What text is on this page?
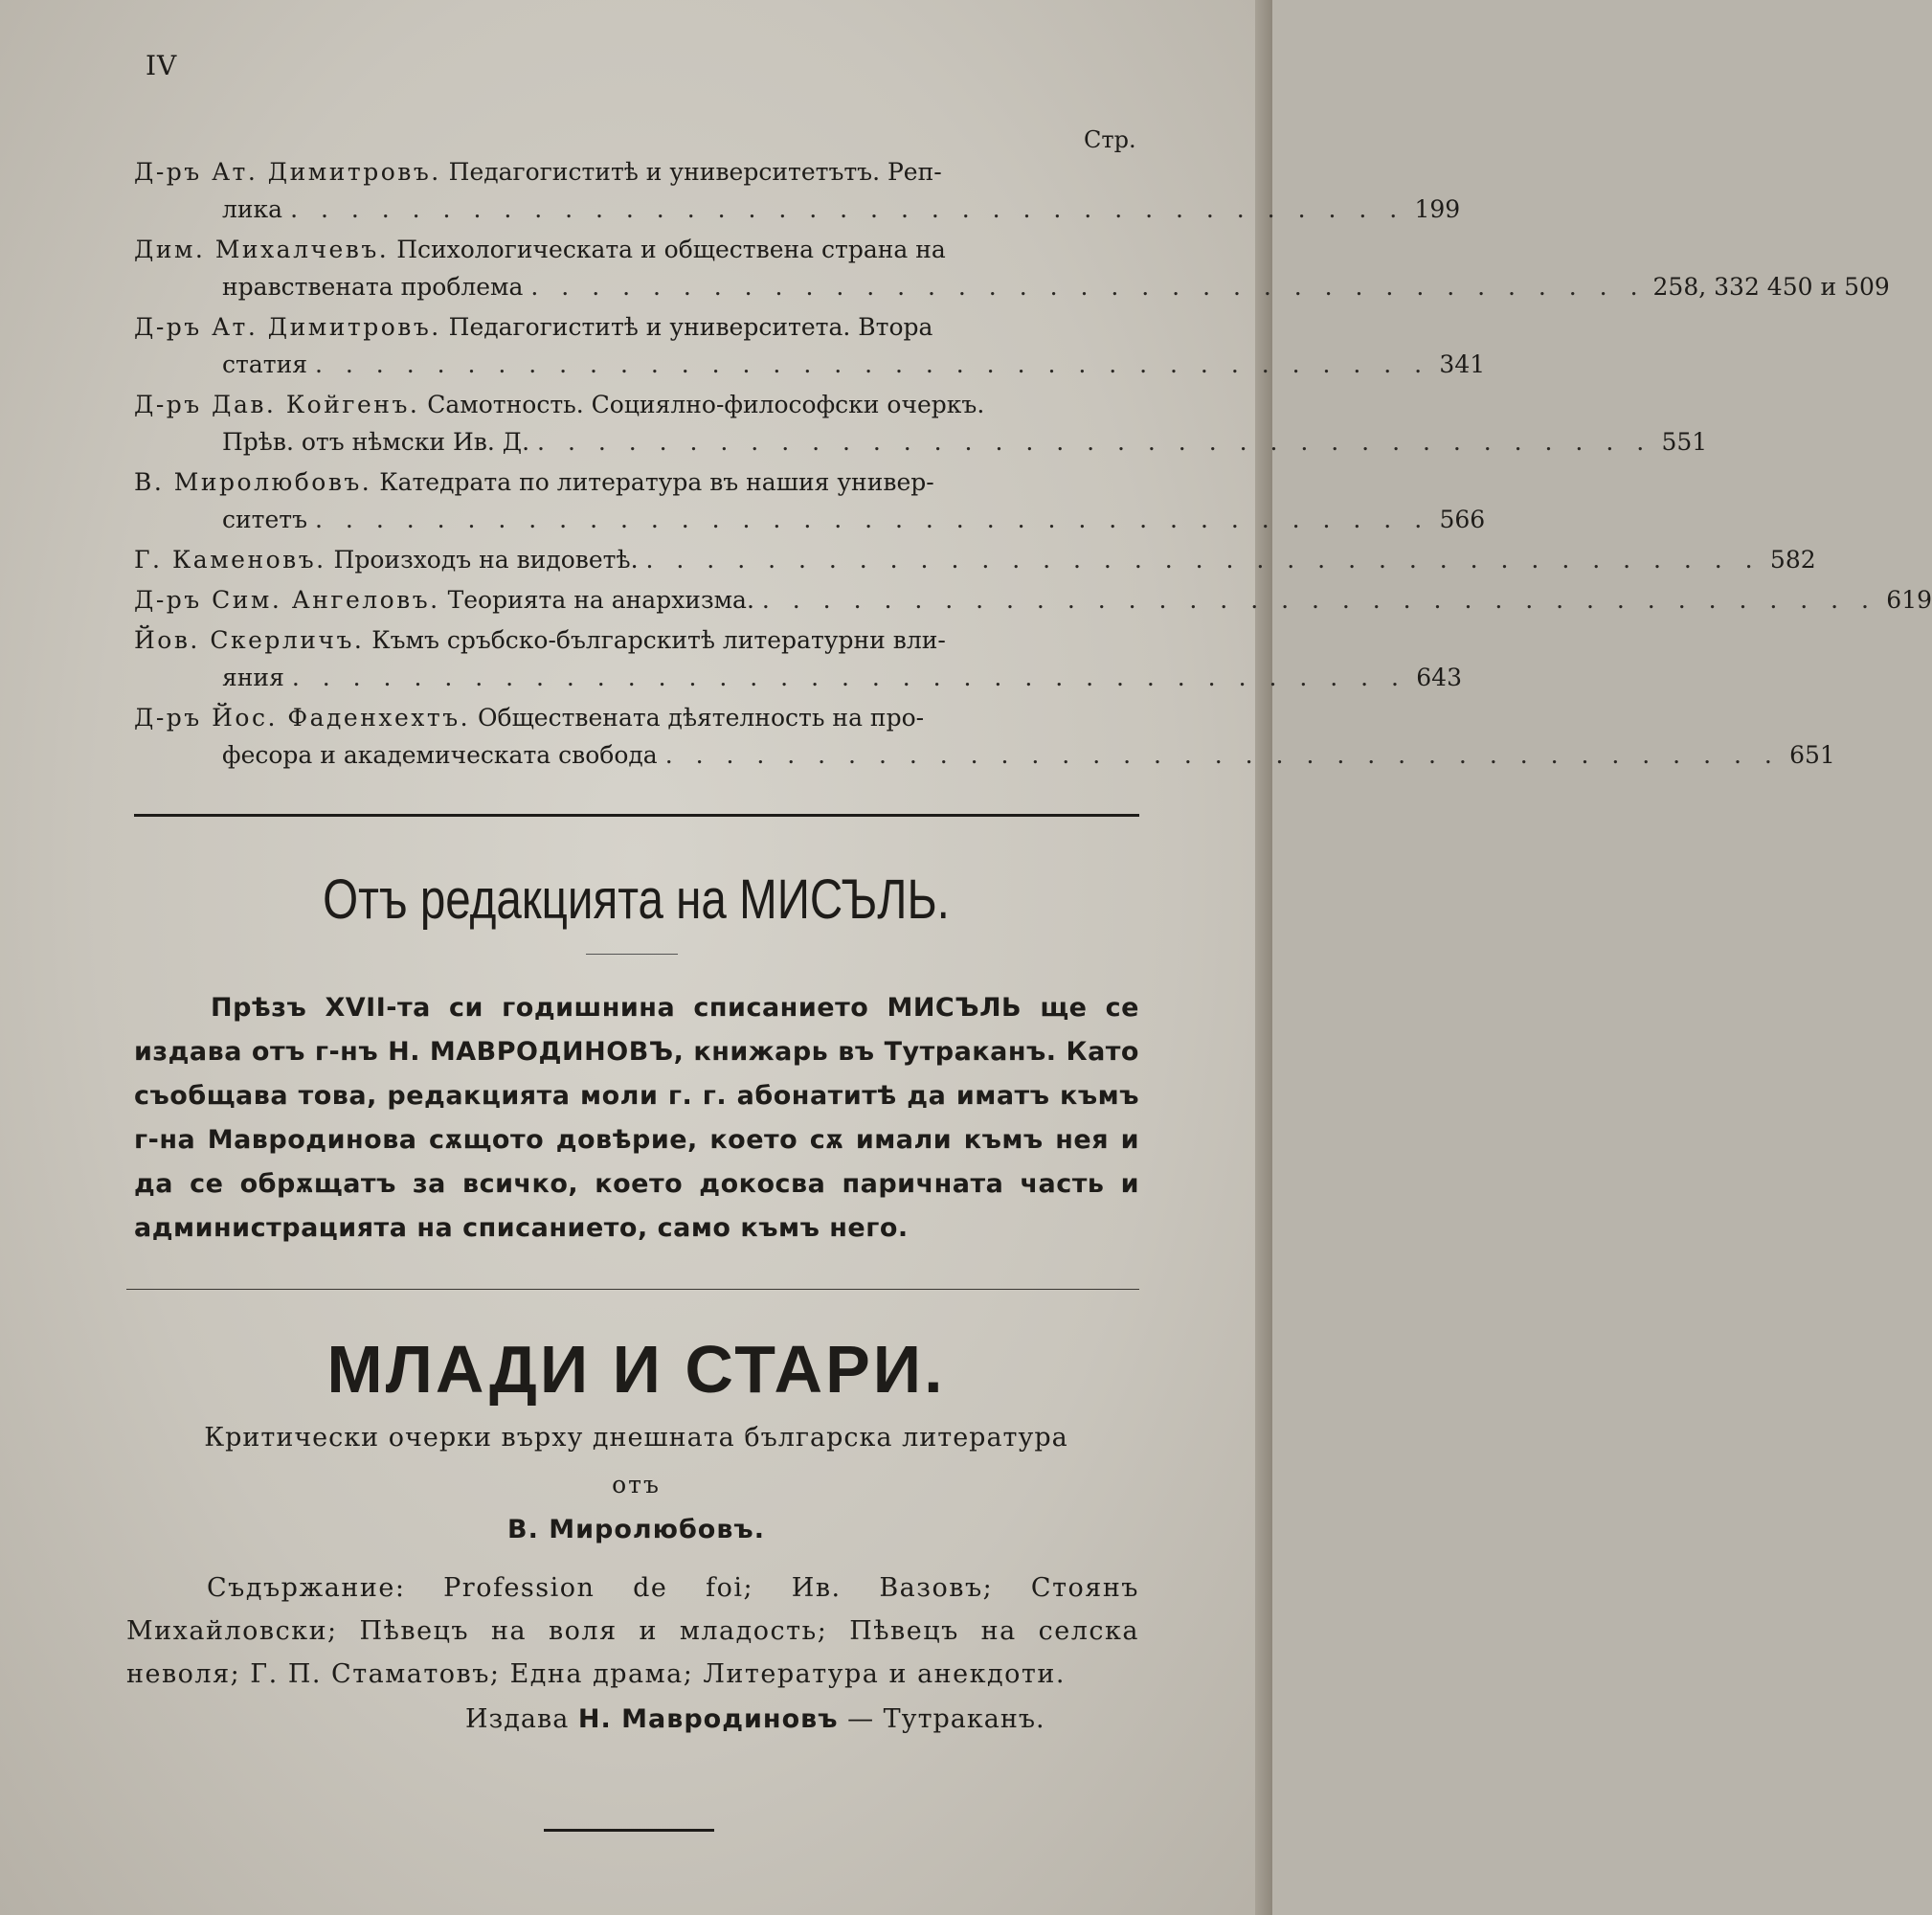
IV
Стр.
Д-ръ Ат. Димитровъ. Педагогиститѣ и университетътъ. Реп-
лика . . . . . . . . . . . . . . . . . . . . . . . . . . . . . . . . . . . . . 199
Дим. Михалчевъ. Психологическата и обществена страна на
нравствената проблема . . . . . . . . . . . . . . . . . . . . . . . . . . . . . . . . . . . . . 258, 332 450 и 509
Д-ръ Ат. Димитровъ. Педагогиститѣ и университета. Втора
статия . . . . . . . . . . . . . . . . . . . . . . . . . . . . . . . . . . . . . 341
Д-ръ Дав. Койгенъ. Самотность. Социялно-философски очеркъ.
Прѣв. отъ нѣмски Ив. Д. . . . . . . . . . . . . . . . . . . . . . . . . . . . . . . . . . . . . . 551
В. Миролюбовъ. Катедрата по литература въ нашия универ-
ситетъ . . . . . . . . . . . . . . . . . . . . . . . . . . . . . . . . . . . . . 566
Г. Каменовъ.
Произходъ на видоветѣ. . . . . . . . . . . . . . . . . . . . . . . . . . . . . . . . . . . . . . 582
Д-ръ Сим. Ангеловъ.
Теорията на анархизма. . . . . . . . . . . . . . . . . . . . . . . . . . . . . . . . . . . . . . 619
Йов. Скерличъ. Къмъ сръбско-българскитѣ литературни вли-
яния . . . . . . . . . . . . . . . . . . . . . . . . . . . . . . . . . . . . . 643
Д-ръ Йос. Фаденхехтъ. Обществената дѣятелность на про-
фесора и академическата свобода . . . . . . . . . . . . . . . . . . . . . . . . . . . . . . . . . . . . . 651
Отъ редакцията на МИСЪЛЬ.
Прѣзъ XVII-та си годишнина списанието МИСЪЛЬ ще се издава отъ г-нъ Н. МАВРОДИНОВЪ, книжарь въ Тутраканъ. Като съобщава това, редакцията моли г. г. абонатитѣ да иматъ къмъ г-на Мавродинова сѫщото довѣрие, което сѫ имали къмъ нея и да се обрѫщатъ за всичко, което докосва паричната часть и администрацията на списанието, само къмъ него.
МЛАДИ И СТАРИ.
Критически очерки върху днешната българска литература
отъ
В. Миролюбовъ.
Съдържание: Profession de foi; Ив. Вазовъ; Стоянъ Михайловски; Пѣвецъ на воля и младость; Пѣвецъ на селска неволя; Г. П. Стаматовъ; Една драма; Литература и анекдоти.
Издава Н. Мавродиновъ — Тутраканъ.
